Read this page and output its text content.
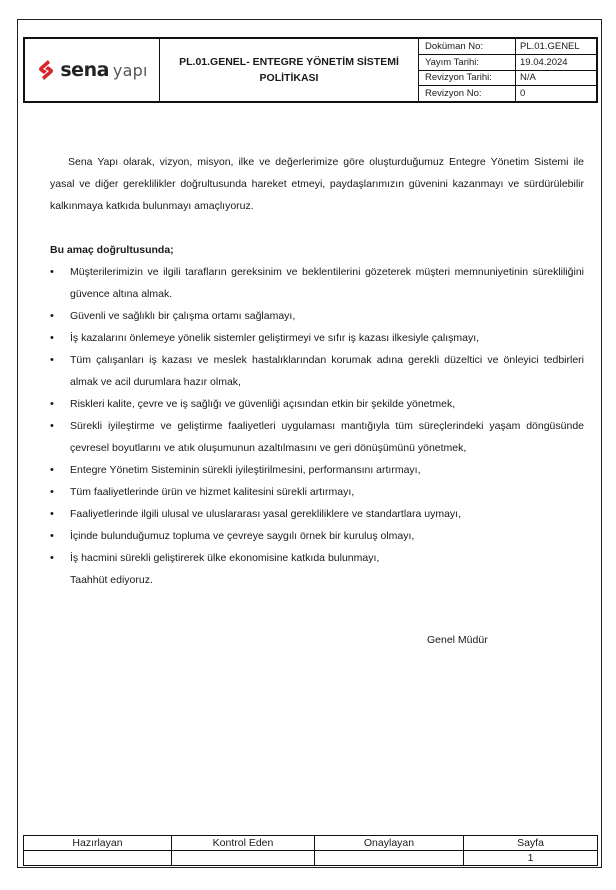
sena yapı	PL.01.GENEL- ENTEGRE YÖNETİM SİSTEMİ
POLİTİKASI
Doküman No:	PL.01.GENEL
Yayım Tarihi:	19.04.2024
Revizyon Tarihi:	N/A
Revizyon No:	0

Sena Yapı olarak, vizyon, misyon, ilke ve değerlerimize göre oluşturduğumuz Entegre Yönetim Sistemi ile yasal ve diğer gereklilikler doğrultusunda hareket etmeyi, paydaşlarımızın güvenini kazanmayı ve sürdürülebilir kalkınmaya katkıda bulunmayı amaçlıyoruz.

Bu amaç doğrultusunda;
•
Müşterilerimizin ve ilgili tarafların gereksinim ve beklentilerini gözeterek müşteri memnuniyetinin sürekliliğini güvence altına almak.
•
Güvenli ve sağlıklı bir çalışma ortamı sağlamayı,
•
İş kazalarını önlemeye yönelik sistemler geliştirmeyi ve sıfır iş kazası ilkesiyle çalışmayı,
•
Tüm çalışanları iş kazası ve meslek hastalıklarından korumak adına gerekli düzeltici ve önleyici tedbirleri almak ve acil durumlara hazır olmak,
•
Riskleri kalite, çevre ve iş sağlığı ve güvenliği açısından etkin bir şekilde yönetmek,
•
Sürekli iyileştirme ve geliştirme faaliyetleri uygulaması mantığıyla tüm süreçlerindeki yaşam döngüsünde çevresel boyutlarını ve atık oluşumunun azaltılmasını ve geri dönüşümünü yönetmek,
•
Entegre Yönetim Sisteminin sürekli iyileştirilmesini, performansını artırmayı,
•
Tüm faaliyetlerinde ürün ve hizmet kalitesini sürekli artırmayı,
•
Faaliyetlerinde ilgili ulusal ve uluslararası yasal gerekliliklere ve standartlara uymayı,
•
İçinde bulunduğumuz topluma ve çevreye saygılı örnek bir kuruluş olmayı,
•
İş hacmini sürekli geliştirerek ülke ekonomisine katkıda bulunmayı,
Taahhüt ediyoruz.
Genel Müdür
Hazırlayan	Kontrol Eden	Onaylayan	Sayfa
			1
